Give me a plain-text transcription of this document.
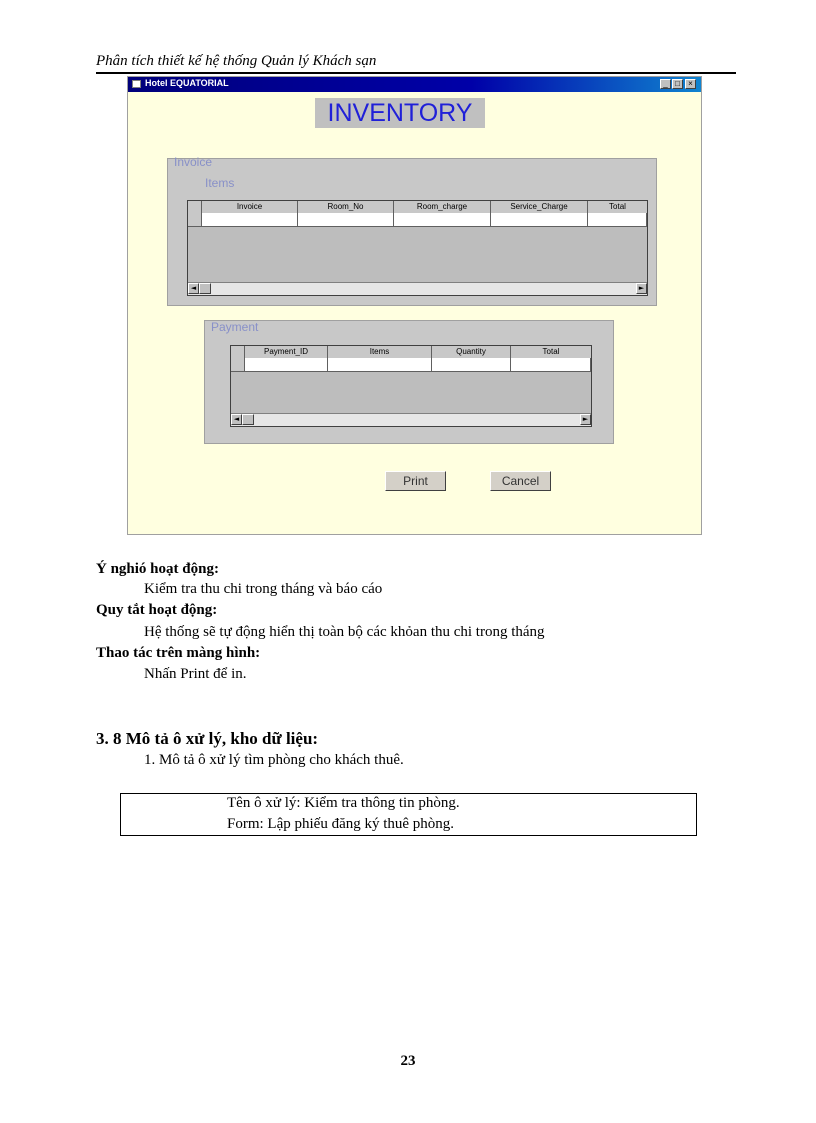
Phân tích thiết kế hệ thống Quản lý Khách sạn
Hotel EQUATORIAL	_ □	×
INVENTORY
Invoice
Items
Invoice	Room_No	Room_charge	Service_Charge	Total
◄	►
Payment
Payment_ID	Items	Quantity	Total
◄	►
Print	Cancel
Ý nghió hoạt động:
Kiểm tra thu chi trong tháng và báo cáo
Quy tắt hoạt động:
Hệ thống sẽ tự động hiển thị toàn bộ các khỏan thu chi trong tháng
Thao tác trên màng hình:
Nhấn Print để in.
3. 8 Mô tả ô xử lý, kho dữ liệu:
1. Mô tả ô xử lý tìm phòng cho khách thuê.
Tên ô xử lý: Kiểm tra thông tin phòng.
Form: Lập phiếu đăng ký thuê phòng.
23
